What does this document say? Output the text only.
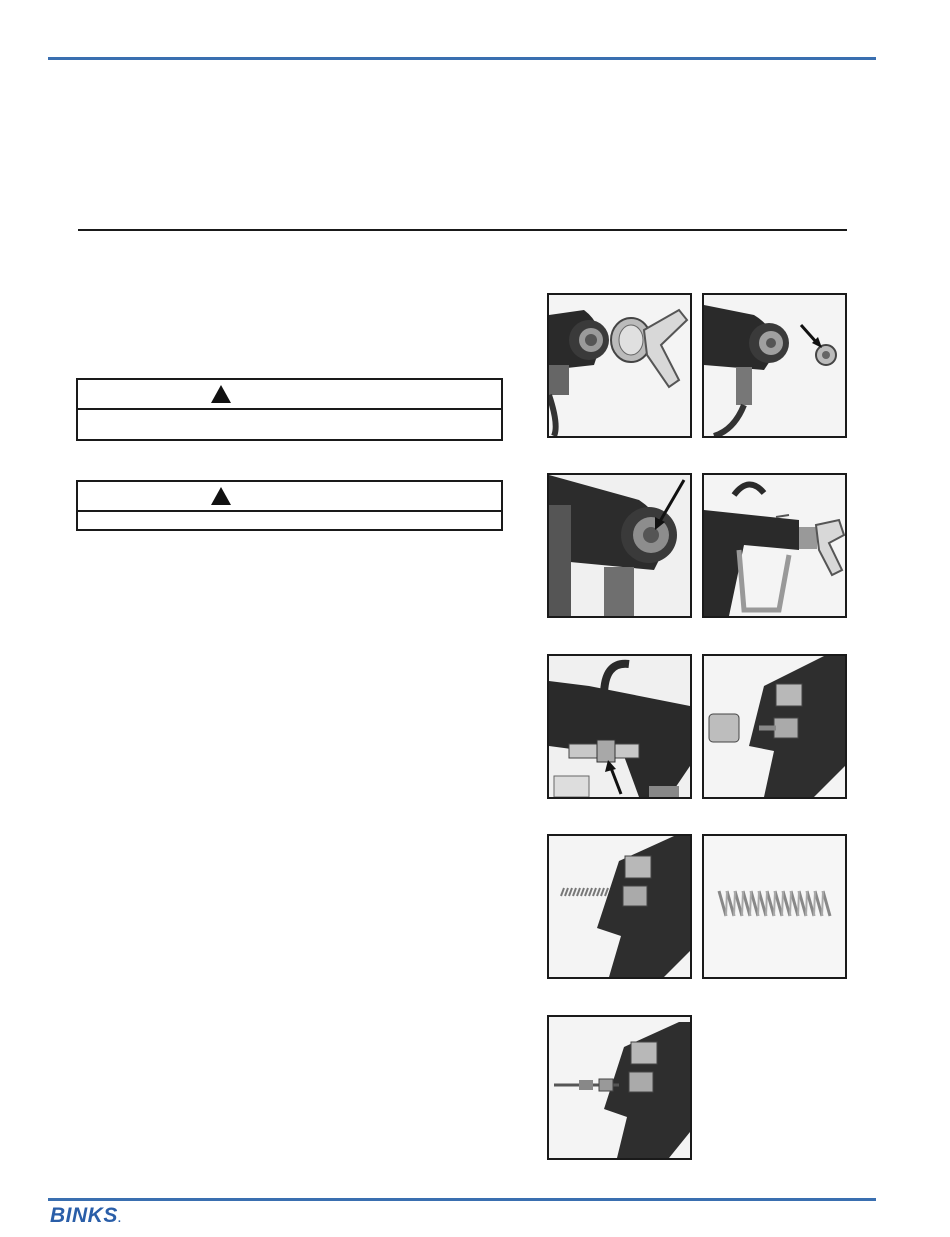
BINKS.
